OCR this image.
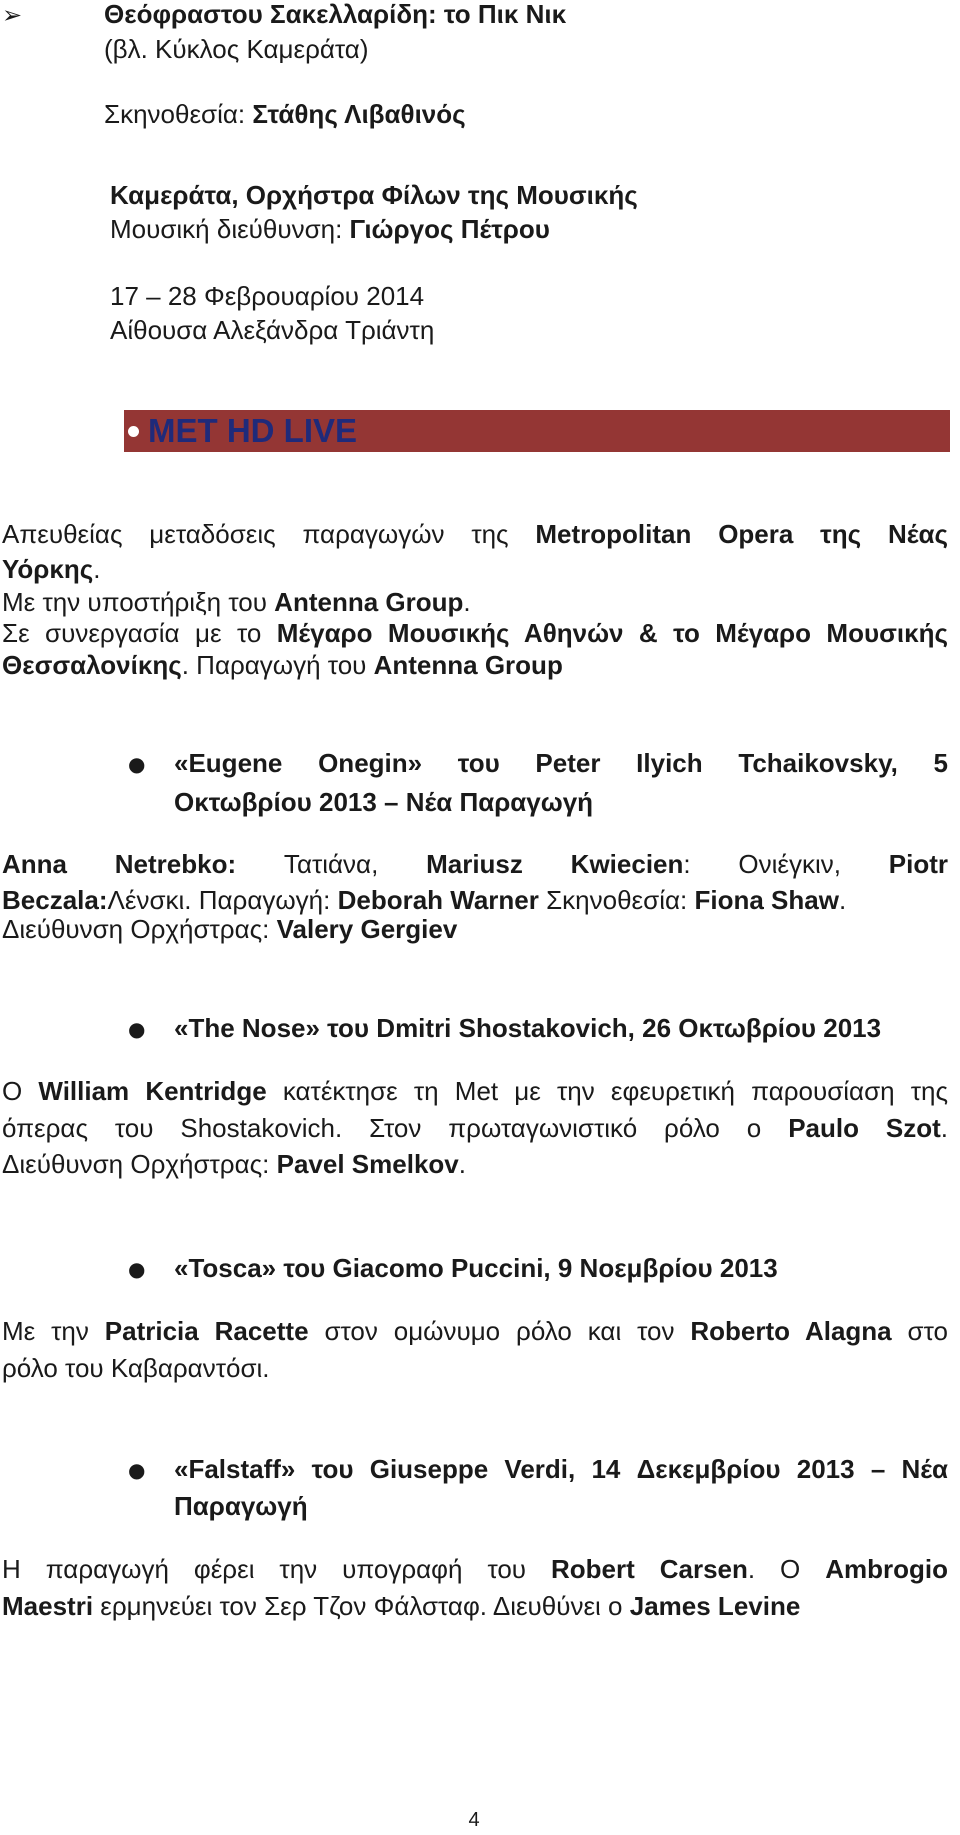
➢	Θεόφραστου Σακελλαρίδη: το Πικ Νικ
(βλ. Κύκλος Καμεράτα)
Σκηνοθεσία: Στάθης Λιβαθινός
Καμεράτα, Ορχήστρα Φίλων της Μουσικής
Μουσική διεύθυνση: Γιώργος Πέτρου
17 – 28 Φεβρουαρίου 2014
Αίθουσα Αλεξάνδρα Τριάντη
MET HD LIVE
Απευθείας μεταδόσεις παραγωγών της Metropolitan Opera της Νέας
Υόρκης.
Με την υποστήριξη του Antenna Group.
Σε συνεργασία με το Μέγαρο Μουσικής Αθηνών & το Μέγαρο Μουσικής
Θεσσαλονίκης. Παραγωγή του Antenna Group
● «Eugene Onegin» του Peter Ilyich Tchaikovsky, 5
Οκτωβρίου 2013 – Νέα Παραγωγή
Anna Netrebko: Τατιάνα, Mariusz Kwiecien: Ονιέγκιν, Piotr
Beczala:Λένσκι. Παραγωγή: Deborah Warner Σκηνοθεσία: Fiona Shaw.
Διεύθυνση Ορχήστρας: Valery Gergiev
● «The Nose» του Dmitri Shostakovich, 26 Οκτωβρίου 2013
Ο William Kentridge κατέκτησε τη Met με την εφευρετική παρουσίαση της
όπερας του Shostakovich. Στον πρωταγωνιστικό ρόλο ο Paulo Szot.
Διεύθυνση Ορχήστρας: Pavel Smelkov.
● «Tosca» του Giacomo Puccini, 9 Νοεμβρίου 2013
Με την Patricia Racette στον ομώνυμο ρόλο και τον Roberto Alagna στο
ρόλο του Καβαραντόσι.
● «Falstaff» του Giuseppe Verdi, 14 Δεκεμβρίου 2013 – Νέα
Παραγωγή
Η παραγωγή φέρει την υπογραφή του Robert Carsen. Ο Ambrogio
Maestri ερμηνεύει τον Σερ Τζον Φάλσταφ. Διευθύνει ο James Levine
4
